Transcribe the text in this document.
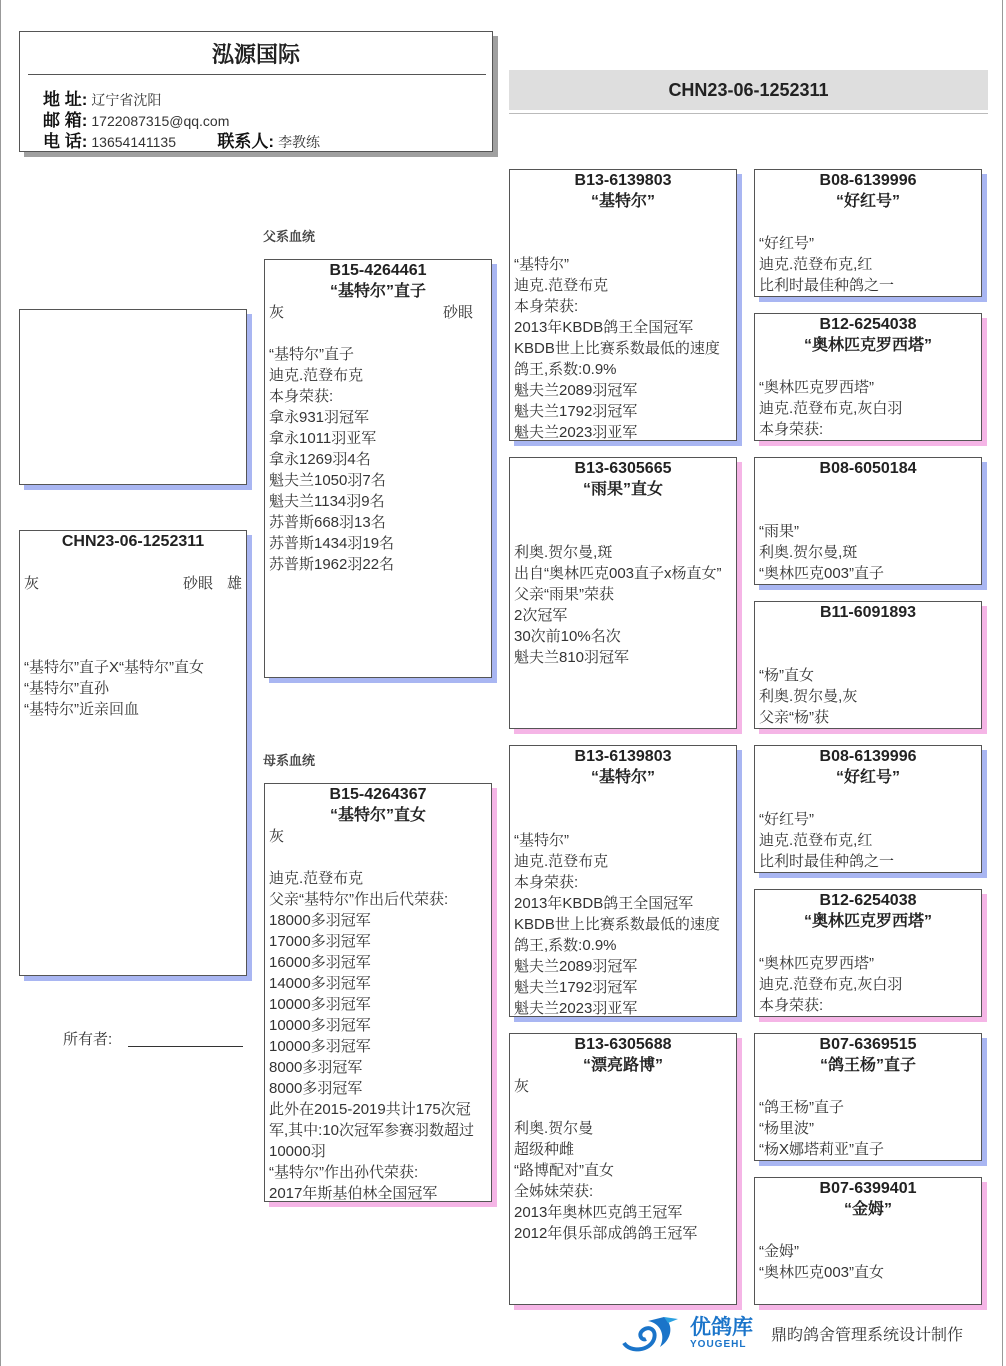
泓源国际
地 址: 辽宁省沈阳
邮 箱: 1722087315@qq.com
电 话: 13654141135 联系人: 李教练
CHN23-06-1252311
父系血统
母系血统
所有者:
CHN23-06-1252311
灰	砂眼 雄

“基特尔”直子X“基特尔”直女

“基特尔”直孙

“基特尔”近亲回血

B15-4264461
“基特尔”直子
灰	砂眼

“基特尔”直子

迪克.范登布克

本身荣获:

拿永931羽冠军

拿永1011羽亚军

拿永1269羽4名

魁夫兰1050羽7名

魁夫兰1134羽9名

苏普斯668羽13名

苏普斯1434羽19名

苏普斯1962羽22名

B15-4264367
“基特尔”直女
灰

迪克.范登布克

父亲“基特尔”作出后代荣获:

18000多羽冠军

17000多羽冠军

16000多羽冠军

14000多羽冠军

10000多羽冠军

10000多羽冠军

10000多羽冠军

8000多羽冠军

8000多羽冠军

此外在2015-2019共计175次冠军,其中:10次冠军参赛羽数超过10000羽

“基特尔”作出孙代荣获:

2017年斯基伯林全国冠军

B13-6139803
“基特尔”

“基特尔”

迪克.范登布克

本身荣获:

2013年KBDB鸽王全国冠军

KBDB世上比赛系数最低的速度鸽王,系数:0.9%

魁夫兰2089羽冠军

魁夫兰1792羽冠军

魁夫兰2023羽亚军

B13-6305665
“雨果”直女

利奥.贺尔曼,斑

出自“奥林匹克003直子x杨直女”

父亲“雨果”荣获

2次冠军

30次前10%名次

魁夫兰810羽冠军

B13-6139803
“基特尔”

“基特尔”

迪克.范登布克

本身荣获:

2013年KBDB鸽王全国冠军

KBDB世上比赛系数最低的速度鸽王,系数:0.9%

魁夫兰2089羽冠军

魁夫兰1792羽冠军

魁夫兰2023羽亚军

B13-6305688
“漂亮路博”
灰

利奥.贺尔曼

超级种雌

“路博配对”直女

全姊妹荣获:

2013年奥林匹克鸽王冠军

2012年俱乐部成鸽鸽王冠军

B08-6139996
“好红号”

“好红号”

迪克.范登布克,红

比利时最佳种鸽之一

B12-6254038
“奥林匹克罗西塔”

“奥林匹克罗西塔”

迪克.范登布克,灰白羽

本身荣获:

B08-6050184

“雨果”

利奥.贺尔曼,斑

“奥林匹克003”直子

B11-6091893

“杨”直女

利奥.贺尔曼,灰

父亲“杨”获

B08-6139996
“好红号”

“好红号”

迪克.范登布克,红

比利时最佳种鸽之一

B12-6254038
“奥林匹克罗西塔”

“奥林匹克罗西塔”

迪克.范登布克,灰白羽

本身荣获:

B07-6369515
“鸽王杨”直子

“鸽王杨”直子

“杨里波”

“杨X娜塔莉亚”直子

B07-6399401
“金姆”

“金姆”

“奥林匹克003”直女

优鸽库
YOUGEHL
鼎昀鸽舍管理系统设计制作
